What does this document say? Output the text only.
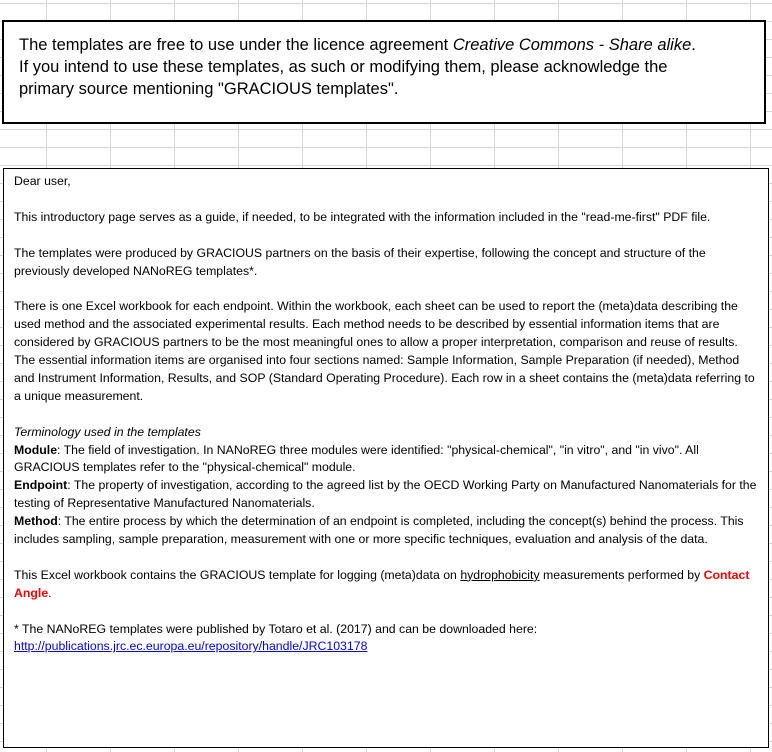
The templates are free to use under the licence agreement Creative Commons - Share alike.

If you intend to use these templates, as such or modifying them, please acknowledge the

primary source mentioning "GRACIOUS templates".

Dear user,

This introductory page serves as a guide, if needed, to be integrated with the information included in the "read-me-first" PDF file.

The templates were produced by GRACIOUS partners on the basis of their expertise, following the concept and structure of the previously developed NANoREG templates*.

There is one Excel workbook for each endpoint. Within the workbook, each sheet can be used to report the (meta)data describing the used method and the associated experimental results. Each method needs to be described by essential information items that are considered by GRACIOUS partners to be the most meaningful ones to allow a proper interpretation, comparison and reuse of results. The essential information items are organised into four sections named: Sample Information, Sample Preparation (if needed), Method and Instrument Information, Results, and SOP (Standard Operating Procedure). Each row in a sheet contains the (meta)data referring to a unique measurement.

Terminology used in the templates

Module: The field of investigation. In NANoREG three modules were identified: "physical-chemical", "in vitro", and "in vivo". All GRACIOUS templates refer to the "physical-chemical" module.

Endpoint: The property of investigation, according to the agreed list by the OECD Working Party on Manufactured Nanomaterials for the testing of Representative Manufactured Nanomaterials.

Method: The entire process by which the determination of an endpoint is completed, including the concept(s) behind the process. This includes sampling, sample preparation, measurement with one or more specific techniques, evaluation and analysis of the data.

This Excel workbook contains the GRACIOUS template for logging (meta)data on hydrophobicity measurements performed by Contact Angle.

* The NANoREG templates were published by Totaro et al. (2017) and can be downloaded here:

http://publications.jrc.ec.europa.eu/repository/handle/JRC103178
